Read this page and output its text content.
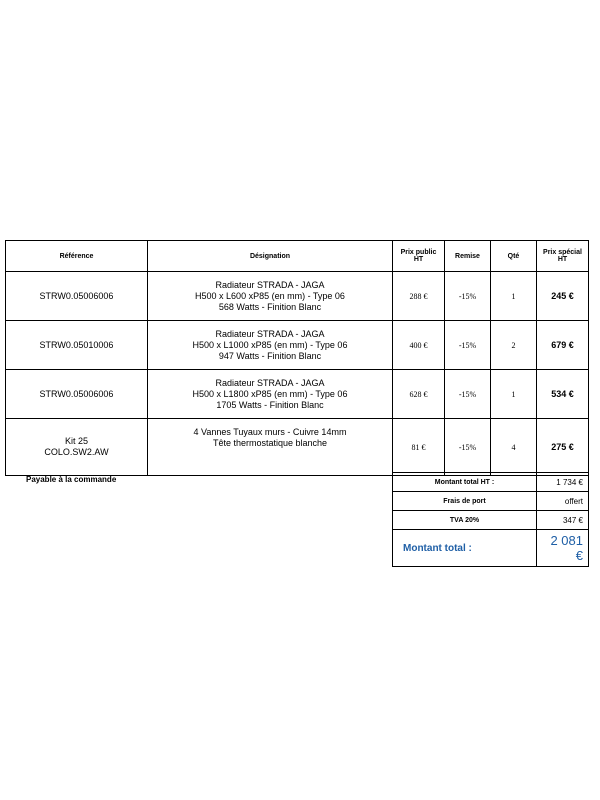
Référence	Désignation	Prix public HT	Remise	Qté	Prix spécial HT

STRW0.05006006	Radiateur STRADA - JAGA
H500 x L600 xP85 (en mm) - Type 06
568 Watts - Finition Blanc	288 €	-15%	1	245 €

STRW0.05010006	Radiateur STRADA - JAGA
H500 x L1000 xP85 (en mm) - Type 06
947 Watts - Finition Blanc	400 €	-15%	2	679 €

STRW0.05006006	Radiateur STRADA - JAGA
H500 x L1800 xP85 (en mm) - Type 06
1705 Watts - Finition Blanc	628 €	-15%	1	534 €

Kit 25
COLO.SW2.AW	4 Vannes Tuyaux murs - Cuivre 14mm
Tête thermostatique blanche	81 €	-15%	4	275 €
Payable à la commande	Montant total HT :	1 734 €
Frais de port	offert
TVA 20%	347 €
Montant total :	2 081 €
